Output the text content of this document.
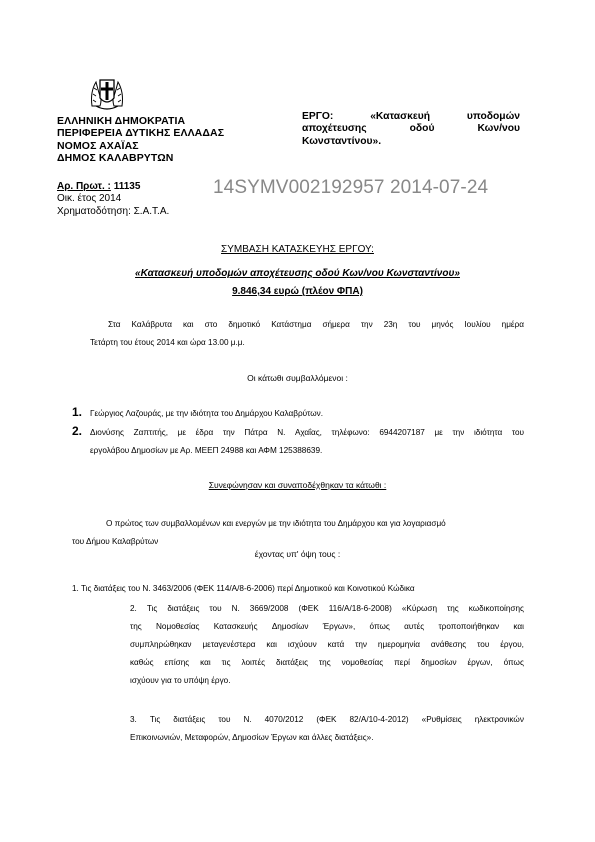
ΕΛΛΗΝΙΚΗ ΔΗΜΟΚΡΑΤΙΑ
ΠΕΡΙΦΕΡΕΙΑ ΔΥΤΙΚΗΣ ΕΛΛΑΔΑΣ
ΝΟΜΟΣ ΑΧΑΪΑΣ
ΔΗΜΟΣ ΚΑΛΑΒΡΥΤΩΝ
ΕΡΓΟ:	«Κατασκευή	υποδομών
αποχέτευσης	οδού	Κων/νου
Κωνσταντίνου».
Αρ. Πρωτ. : 11135
Οικ. έτος 2014
Χρηματοδότηση: Σ.Α.Τ.Α.
14SYMV002192957 2014-07-24
ΣΥΜΒΑΣΗ ΚΑΤΑΣΚΕΥΗΣ ΕΡΓΟΥ:
«Κατασκευή υποδομών αποχέτευσης οδού Κων/νου Κωνσταντίνου»
9.846,34 ευρώ (πλέον ΦΠΑ)
Στα Καλάβρυτα και στο δημοτικό Κατάστημα σήμερα την 23η του μηνός Ιουλίου ημέρα
Τετάρτη του έτους 2014 και ώρα 13.00 μ.μ.
Οι κάτωθι συμβαλλόμενοι :
1. Γεώργιος Λαζουράς, με την ιδιότητα του Δημάρχου Καλαβρύτων.
2. Διονύσης Ζαπτιτής, με έδρα την Πάτρα Ν. Αχαΐας, τηλέφωνο: 6944207187 με την ιδιότητα του
εργολάβου Δημοσίων με Αρ. ΜΕΕΠ 24988 και ΑΦΜ 125388639.
Συνεφώνησαν και συναποδέχθηκαν τα κάτωθι :
Ο πρώτος των συμβαλλομένων και ενεργών με την ιδιότητα του Δημάρχου και για λογαριασμό
του Δήμου Καλαβρύτων
έχοντας υπ' όψη τους :
1. Τις διατάξεις του Ν. 3463/2006 (ΦΕΚ 114/Α/8-6-2006) περί Δημοτικού και Κοινοτικού Κώδικα
2. Τις διατάξεις του Ν. 3669/2008 (ΦΕΚ 116/Α/18-6-2008) «Κύρωση της κωδικοποίησης
της Νομοθεσίας Κατασκευής Δημοσίων Έργων», όπως αυτές τροποποιήθηκαν και
συμπληρώθηκαν μεταγενέστερα και ισχύουν κατά την ημερομηνία ανάθεσης του έργου,
καθώς επίσης και τις λοιπές διατάξεις της νομοθεσίας περί δημοσίων έργων, όπως
ισχύουν για το υπόψη έργο.
3. Τις διατάξεις του Ν. 4070/2012 (ΦΕΚ 82/Α/10-4-2012) «Ρυθμίσεις ηλεκτρονικών
Επικοινωνιών, Μεταφορών, Δημοσίων Έργων και άλλες διατάξεις».
